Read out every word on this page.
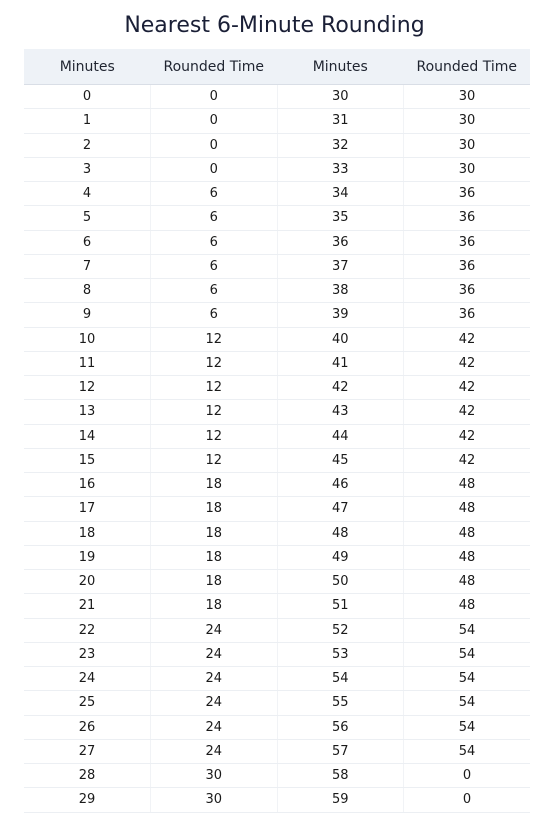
Nearest 6-Minute Rounding
Minutes	Rounded Time	Minutes	Rounded Time
0	0	30	30
1	0	31	30
2	0	32	30
3	0	33	30
4	6	34	36
5	6	35	36
6	6	36	36
7	6	37	36
8	6	38	36
9	6	39	36
10	12	40	42
11	12	41	42
12	12	42	42
13	12	43	42
14	12	44	42
15	12	45	42
16	18	46	48
17	18	47	48
18	18	48	48
19	18	49	48
20	18	50	48
21	18	51	48
22	24	52	54
23	24	53	54
24	24	54	54
25	24	55	54
26	24	56	54
27	24	57	54
28	30	58	0
29	30	59	0
